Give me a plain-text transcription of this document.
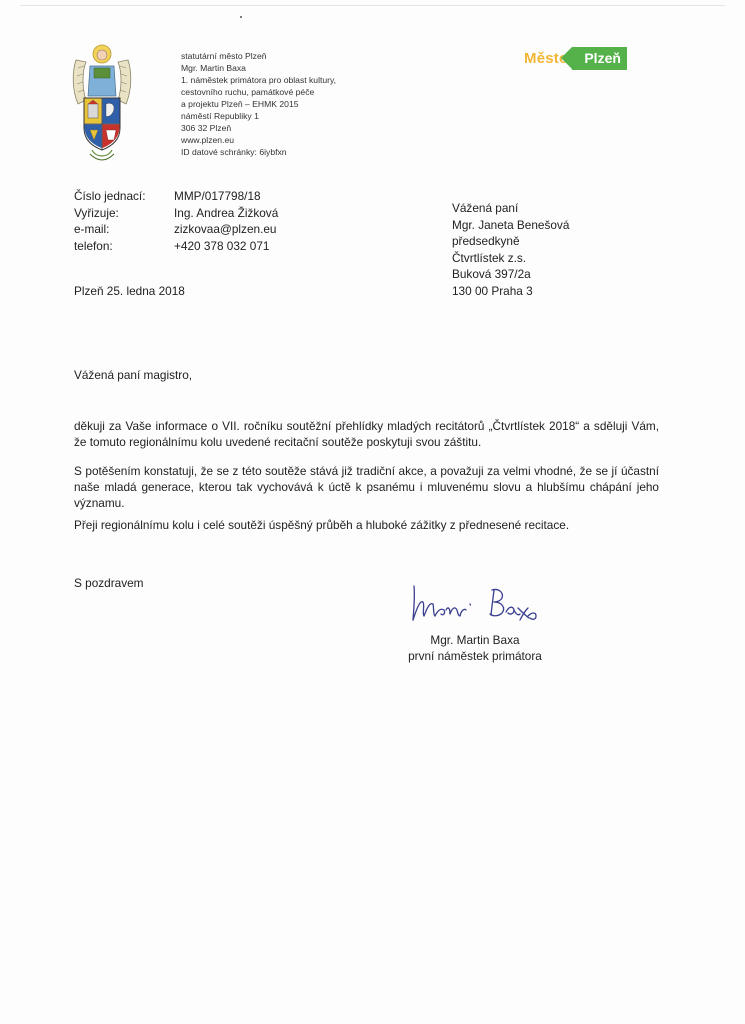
statutární město Plzeň
Mgr. Martin Baxa
1. náměstek primátora pro oblast kultury,
cestovního ruchu, památkové péče
a projektu Plzeň – EHMK 2015
náměstí Republiky 1
306 32 Plzeň
www.plzen.eu
ID datové schránky: 6iybfxn
Město	Plzeň
Číslo jednací:	MMP/017798/18
Vyřizuje:	Ing. Andrea Žižková
e-mail:	zizkovaa@plzen.eu
telefon:	+420 378 032 071
Vážená paní
Mgr. Janeta Benešová
předsedkyně
Čtvrtlístek z.s.
Buková 397/2a
130 00 Praha 3
Plzeň 25. ledna 2018
Vážená paní magistro,

děkuji za Vaše informace o VII. ročníku soutěžní přehlídky mladých recitátorů „Čtvrtlístek 2018“ a sděluji Vám, že tomuto regionálnímu kolu uvedené recitační soutěže poskytuji svou záštitu.

S potěšením konstatuji, že se z této soutěže stává již tradiční akce, a považuji za velmi vhodné, že se jí účastní naše mladá generace, kterou tak vychovává k úctě k psanému i mluvenému slovu a hlubšímu chápání jeho významu.

Přeji regionálnímu kolu i celé soutěži úspěšný průběh a hluboké zážitky z přednesené recitace.

S pozdravem
Mgr. Martin Baxa
první náměstek primátora
